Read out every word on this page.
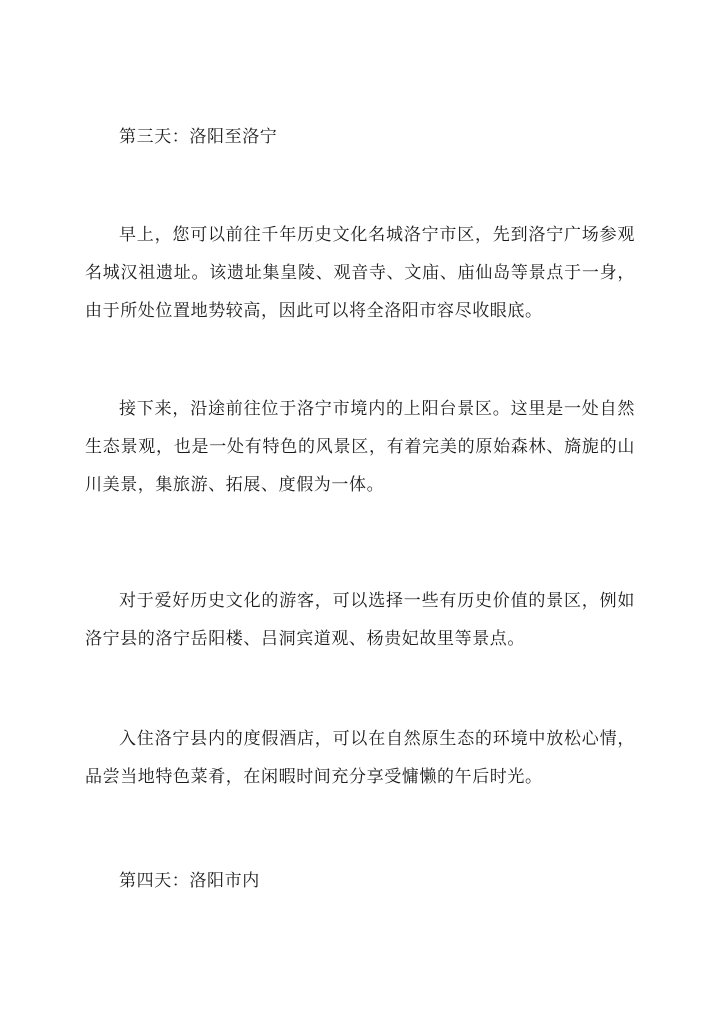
第三天：洛阳至洛宁

早上，您可以前往千年历史文化名城洛宁市区，先到洛宁广场参观名城汉祖遗址。该遗址集皇陵、观音寺、文庙、庙仙岛等景点于一身，由于所处位置地势较高，因此可以将全洛阳市容尽收眼底。

接下来，沿途前往位于洛宁市境内的上阳台景区。这里是一处自然生态景观，也是一处有特色的风景区，有着完美的原始森林、旖旎的山川美景，集旅游、拓展、度假为一体。

对于爱好历史文化的游客，可以选择一些有历史价值的景区，例如洛宁县的洛宁岳阳楼、吕洞宾道观、杨贵妃故里等景点。

入住洛宁县内的度假酒店，可以在自然原生态的环境中放松心情，品尝当地特色菜肴，在闲暇时间充分享受慵懒的午后时光。

第四天：洛阳市内
